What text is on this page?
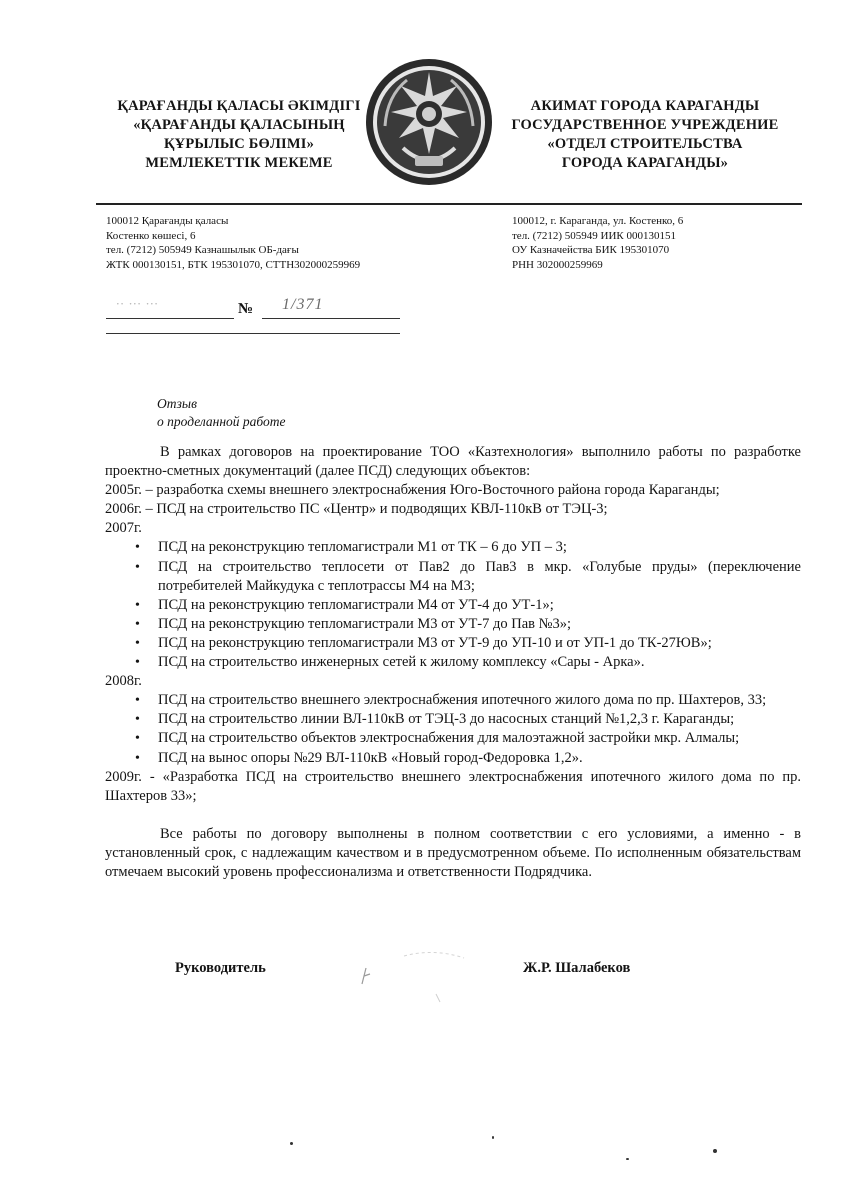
ҚАРАҒАНДЫ ҚАЛАСЫ ӘКІМДІГІ
«ҚАРАҒАНДЫ ҚАЛАСЫНЫҢ
ҚҰРЫЛЫС БӨЛІМІ»
МЕМЛЕКЕТТІК МЕКЕМЕ
АКИМАТ ГОРОДА КАРАГАНДЫ
ГОСУДАРСТВЕННОЕ УЧРЕЖДЕНИЕ
«ОТДЕЛ СТРОИТЕЛЬСТВА
ГОРОДА КАРАГАНДЫ»
100012 Қарағанды қаласы
Костенко көшесі, 6
тел. (7212) 505949 Казнашылык ОБ-дағы
ЖТК 000130151, БТК 195301070, СТТН302000259969
100012, г. Караганда, ул. Костенко, 6
тел. (7212) 505949 ИИК 000130151
ОУ Казначейства БИК 195301070
РНН 302000259969
·· ··· ···	№ 1/371
Отзыв
о проделанной работе

В рамках договоров на проектирование ТОО «Казтехнология» выполнило работы по разработке проектно-сметных документаций (далее ПСД) следующих объектов:

2005г. – разработка схемы внешнего электроснабжения Юго-Восточного района города Караганды;

2006г. – ПСД на строительство ПС «Центр» и подводящих КВЛ-110кВ от ТЭЦ-3;

2007г.

• ПСД на реконструкцию тепломагистрали М1 от ТК – 6 до УП – 3;
• ПСД на строительство теплосети от Пав2 до Пав3 в мкр. «Голубые пруды» (переключение потребителей Майкудука с теплотрассы М4 на М3;
• ПСД на реконструкцию тепломагистрали М4 от УТ-4 до УТ-1»;
• ПСД на реконструкцию тепломагистрали М3 от УТ-7 до Пав №3»;
• ПСД на реконструкцию тепломагистрали М3 от УТ-9 до УП-10 и от УП-1 до ТК-27ЮВ»;
• ПСД на строительство инженерных сетей к жилому комплексу «Сары - Арка».

2008г.

• ПСД на строительство внешнего электроснабжения ипотечного жилого дома по пр. Шахтеров, 33;
• ПСД на строительство линии ВЛ-110кВ от ТЭЦ-3 до насосных станций №1,2,3 г. Караганды;
• ПСД на строительство объектов электроснабжения для малоэтажной застройки мкр. Алмалы;
• ПСД на вынос опоры №29 ВЛ-110кВ «Новый город-Федоровка 1,2».

2009г. - «Разработка ПСД на строительство внешнего электроснабжения ипотечного жилого дома по пр. Шахтеров 33»;

Все работы по договору выполнены в полном соответствии с его условиями, а именно - в установленный срок, с надлежащим качеством и в предусмотренном объеме. По исполненным обязательствам отмечаем высокий уровень профессионализма и ответственности Подрядчика.

Руководитель	Ж.Р. Шалабеков
